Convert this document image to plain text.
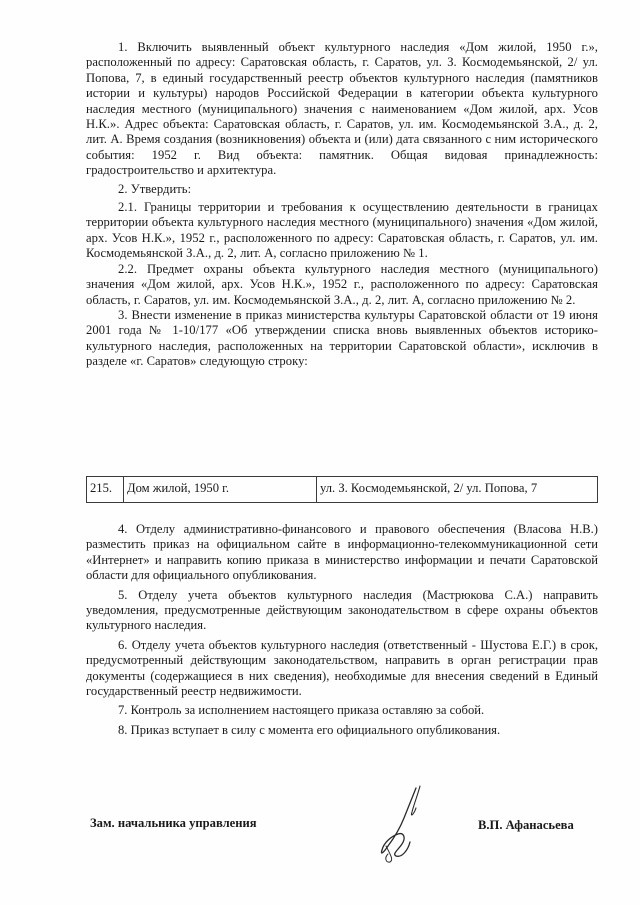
1. Включить выявленный объект культурного наследия «Дом жилой, 1950 г.», расположенный по адресу: Саратовская область, г. Саратов, ул. З. Космодемьянской, 2/ ул. Попова, 7, в единый государственный реестр объектов культурного наследия (памятников истории и культуры) народов Российской Федерации в категории объекта культурного наследия местного (муниципального) значения с наименованием «Дом жилой, арх. Усов Н.К.». Адрес объекта: Саратовская область, г. Саратов, ул. им. Космодемьянской З.А., д. 2, лит. А. Время создания (возникновения) объекта и (или) дата связанного с ним исторического события: 1952 г. Вид объекта: памятник. Общая видовая принадлежность: градостроительство и архитектура.

2. Утвердить:

2.1. Границы территории и требования к осуществлению деятельности в границах территории объекта культурного наследия местного (муниципального) значения «Дом жилой, арх. Усов Н.К.», 1952 г., расположенного по адресу: Саратовская область, г. Саратов, ул. им. Космодемьянской З.А., д. 2, лит. А, согласно приложению № 1.

2.2. Предмет охраны объекта культурного наследия местного (муниципального) значения «Дом жилой, арх. Усов Н.К.», 1952 г., расположенного по адресу: Саратовская область, г. Саратов, ул. им. Космодемьянской З.А., д. 2, лит. А, согласно приложению № 2.

3. Внести изменение в приказ министерства культуры Саратовской области от 19 июня 2001 года № 1-10/177 «Об утверждении списка вновь выявленных объектов историко-культурного наследия, расположенных на территории Саратовской области», исключив в разделе «г. Саратов» следующую строку:

215.	Дом жилой, 1950 г.	ул. З. Космодемьянской, 2/ ул. Попова, 7

4. Отделу административно-финансового и правового обеспечения (Власова Н.В.) разместить приказ на официальном сайте в информационно-телекоммуникационной сети «Интернет» и направить копию приказа в министерство информации и печати Саратовской области для официального опубликования.

5. Отделу учета объектов культурного наследия (Мастрюкова С.А.) направить уведомления, предусмотренные действующим законодательством в сфере охраны объектов культурного наследия.

6. Отделу учета объектов культурного наследия (ответственный - Шустова Е.Г.) в срок, предусмотренный действующим законодательством, направить в орган регистрации прав документы (содержащиеся в них сведения), необходимые для внесения сведений в Единый государственный реестр недвижимости.

7. Контроль за исполнением настоящего приказа оставляю за собой.

8. Приказ вступает в силу с момента его официального опубликования.

Зам. начальника управления	В.П. Афанасьева
